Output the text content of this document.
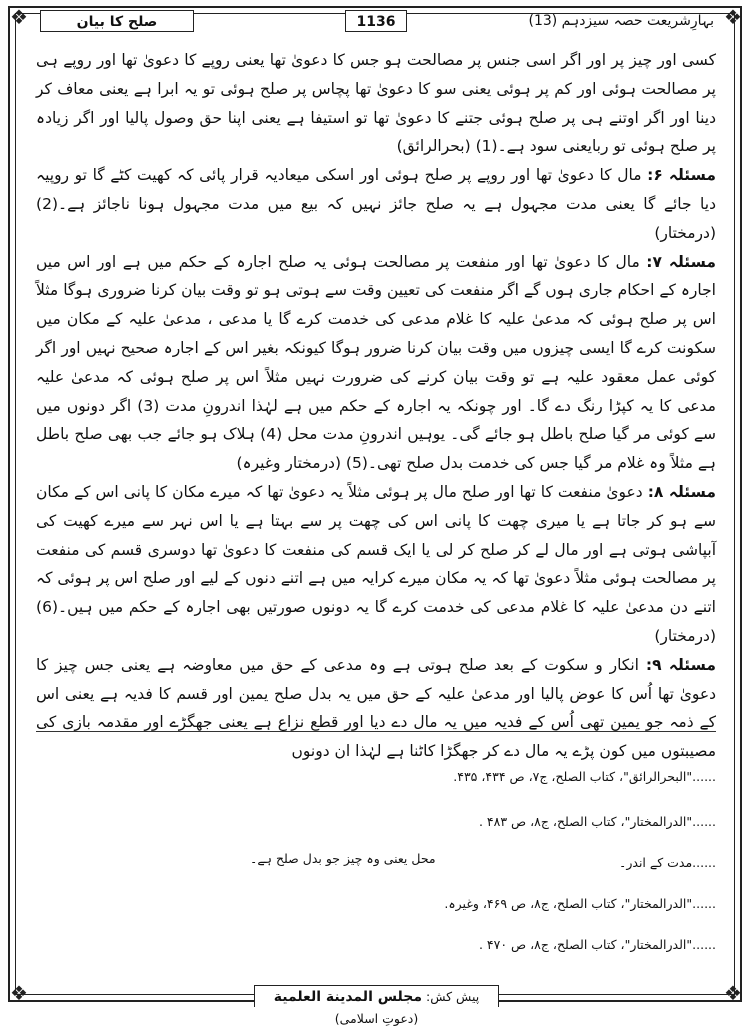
❖	❖
❖	❖
صلح کا بیان	1136	بہارِشریعت حصہ سیزدہم (13)

کسی اور چیز پر اور اگر اسی جنس پر مصالحت ہو جس کا دعویٰ تھا یعنی روپے کا دعویٰ تھا اور روپے ہی پر مصالحت ہوئی اور کم پر ہوئی یعنی سو کا دعویٰ تھا پچاس پر صلح ہوئی تو یہ ابرا ہے یعنی معاف کر دینا اور اگر اوتنے ہی پر صلح ہوئی جتنے کا دعویٰ تھا تو استیفا ہے یعنی اپنا حق وصول پالیا اور اگر زیادہ پر صلح ہوئی تو ربایعنی سود ہے۔(1) (بحرالرائق)

مسئلہ ۶: مال کا دعویٰ تھا اور روپے پر صلح ہوئی اور اسکی میعادیہ قرار پائی کہ کھیت کٹے گا تو روپیہ دیا جائے گا یعنی مدت مجہول ہے یہ صلح جائز نہیں کہ بیع میں مدت مجہول ہونا ناجائز ہے۔(2) (درمختار)

مسئلہ ۷: مال کا دعویٰ تھا اور منفعت پر مصالحت ہوئی یہ صلح اجارہ کے حکم میں ہے اور اس میں اجارہ کے احکام جاری ہوں گے اگر منفعت کی تعیین وقت سے ہوتی ہو تو وقت بیان کرنا ضروری ہوگا مثلاً اس پر صلح ہوئی کہ مدعیٰ علیہ کا غلام مدعی کی خدمت کرے گا یا مدعی ، مدعیٰ علیہ کے مکان میں سکونت کرے گا ایسی چیزوں میں وقت بیان کرنا ضرور ہوگا کیونکہ بغیر اس کے اجارہ صحیح نہیں اور اگر کوئی عمل معقود علیہ ہے تو وقت بیان کرنے کی ضرورت نہیں مثلاً اس پر صلح ہوئی کہ مدعیٰ علیہ مدعی کا یہ کپڑا رنگ دے گا۔ اور چونکہ یہ اجارہ کے حکم میں ہے لہٰذا اندرونِ مدت (3) اگر دونوں میں سے کوئی مر گیا صلح باطل ہو جائے گی۔ یوہیں اندرونِ مدت محل (4) ہلاک ہو جائے جب بھی صلح باطل ہے مثلاً وہ غلام مر گیا جس کی خدمت بدل صلح تھی۔(5) (درمختار وغیرہ)

مسئلہ ۸: دعویٰ منفعت کا تھا اور صلح مال پر ہوئی مثلاً یہ دعویٰ تھا کہ میرے مکان کا پانی اس کے مکان سے ہو کر جاتا ہے یا میری چھت کا پانی اس کی چھت پر سے بہتا ہے یا اس نہر سے میرے کھیت کی آبپاشی ہوتی ہے اور مال لے کر صلح کر لی یا ایک قسم کی منفعت کا دعویٰ تھا دوسری قسم کی منفعت پر مصالحت ہوئی مثلاً دعویٰ تھا کہ یہ مکان میرے کرایہ میں ہے اتنے دنوں کے لیے اور صلح اس پر ہوئی کہ اتنے دن مدعیٰ علیہ کا غلام مدعی کی خدمت کرے گا یہ دونوں صورتیں بھی اجارہ کے حکم میں ہیں۔(6) (درمختار)

مسئلہ ۹: انکار و سکوت کے بعد صلح ہوتی ہے وہ مدعی کے حق میں معاوضہ ہے یعنی جس چیز کا دعویٰ تھا اُس کا عوض پالیا اور مدعیٰ علیہ کے حق میں یہ بدل صلح یمین اور قسم کا فدیہ ہے یعنی اس کے ذمہ جو یمین تھی اُس کے فدیہ میں یہ مال دے دیا اور قطع نزاع ہے یعنی جھگڑے اور مقدمہ بازی کی مصیبتوں میں کون پڑے یہ مال دے کر جھگڑا کاٹنا ہے لہٰذا ان دونوں

......"البحرالرائق"، کتاب الصلح، ج۷، ص ۴۳۴، ۴۳۵.
......"الدرالمختار"، کتاب الصلح، ج۸، ص ۴۸۳ .
......مدت کے اندر۔
محل یعنی وہ چیز جو بدل صلح ہے۔
......"الدرالمختار"، کتاب الصلح، ج۸، ص ۴۶۹، وغیرہ.
......"الدرالمختار"، کتاب الصلح، ج۸، ص ۴۷۰ .
پیش کش: مجلس المدینة العلمیة (دعوتِ اسلامی)
